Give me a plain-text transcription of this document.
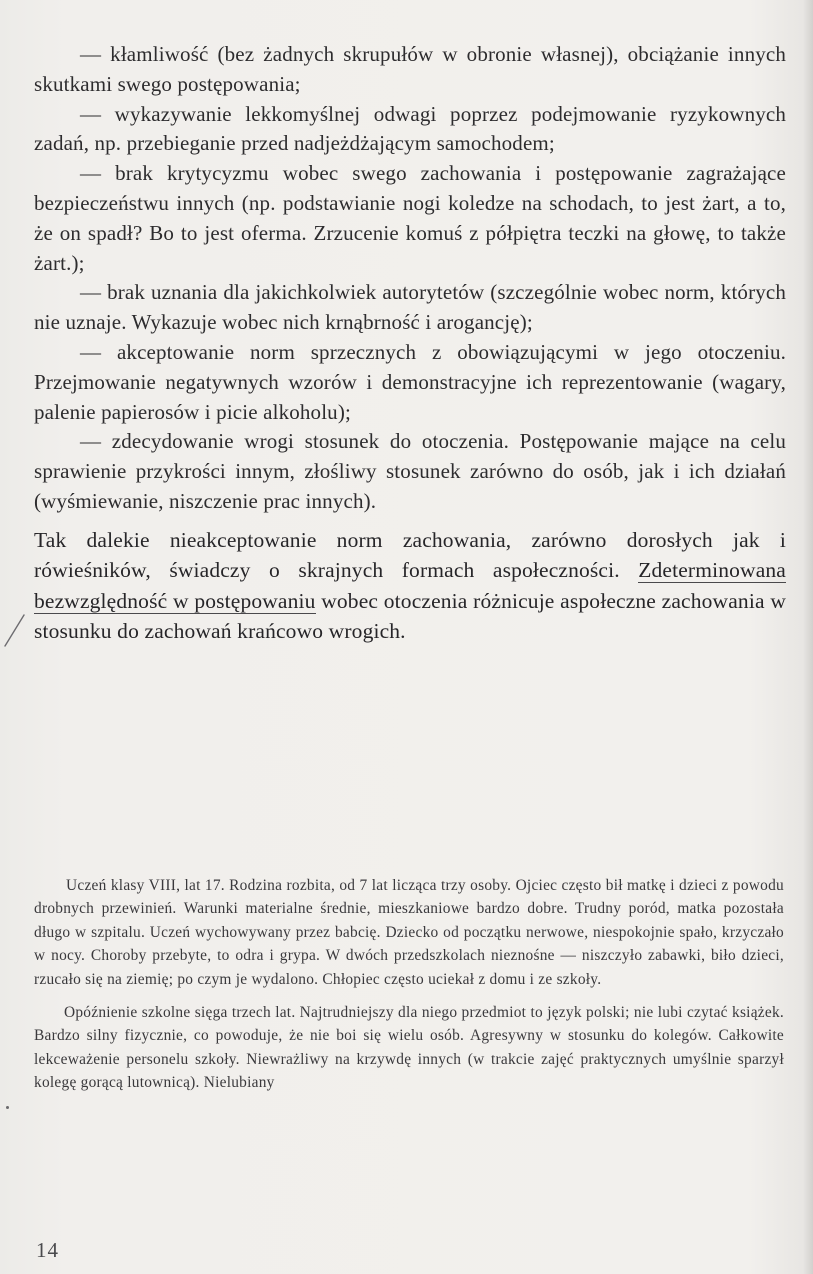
— kłamliwość (bez żadnych skrupułów w obronie własnej), obciążanie innych skutkami swego postępowania;

— wykazywanie lekkomyślnej odwagi poprzez podejmowanie ryzykownych zadań, np. przebieganie przed nadjeżdżającym samochodem;

— brak krytycyzmu wobec swego zachowania i postępowanie zagrażające bezpieczeństwu innych (np. podstawianie nogi koledze na schodach, to jest żart, a to, że on spadł? Bo to jest oferma. Zrzucenie komuś z półpiętra teczki na głowę, to także żart.);

— brak uznania dla jakichkolwiek autorytetów (szczególnie wobec norm, których nie uznaje. Wykazuje wobec nich krnąbrność i arogancję);

— akceptowanie norm sprzecznych z obowiązującymi w jego otoczeniu. Przejmowanie negatywnych wzorów i demonstracyjne ich reprezentowanie (wagary, palenie papierosów i picie alkoholu);

— zdecydowanie wrogi stosunek do otoczenia. Postępowanie mające na celu sprawienie przykrości innym, złośliwy stosunek zarówno do osób, jak i ich działań (wyśmiewanie, niszczenie prac innych).

Tak dalekie nieakceptowanie norm zachowania, zarówno dorosłych jak i rówieśników, świadczy o skrajnych formach aspołeczności. Zdeterminowana bezwzględność w postępowaniu wobec otoczenia różnicuje aspołeczne zachowania w stosunku do zachowań krańcowo wrogich.

Uczeń klasy VIII, lat 17. Rodzina rozbita, od 7 lat licząca trzy osoby. Ojciec często bił matkę i dzieci z powodu drobnych przewinień. Warunki materialne średnie, mieszkaniowe bardzo dobre. Trudny poród, matka pozostała długo w szpitalu. Uczeń wychowywany przez babcię. Dziecko od początku nerwowe, niespokojnie spało, krzyczało w nocy. Choroby przebyte, to odra i grypa. W dwóch przedszkolach nieznośne — niszczyło zabawki, biło dzieci, rzucało się na ziemię; po czym je wydalono. Chłopiec często uciekał z domu i ze szkoły.

Opóźnienie szkolne sięga trzech lat. Najtrudniejszy dla niego przedmiot to język polski; nie lubi czytać książek. Bardzo silny fizycznie, co powoduje, że nie boi się wielu osób. Agresywny w stosunku do kolegów. Całkowite lekceważenie personelu szkoły. Niewrażliwy na krzywdę innych (w trakcie zajęć praktycznych umyślnie sparzył kolegę gorącą lutownicą). Nielubiany

14
